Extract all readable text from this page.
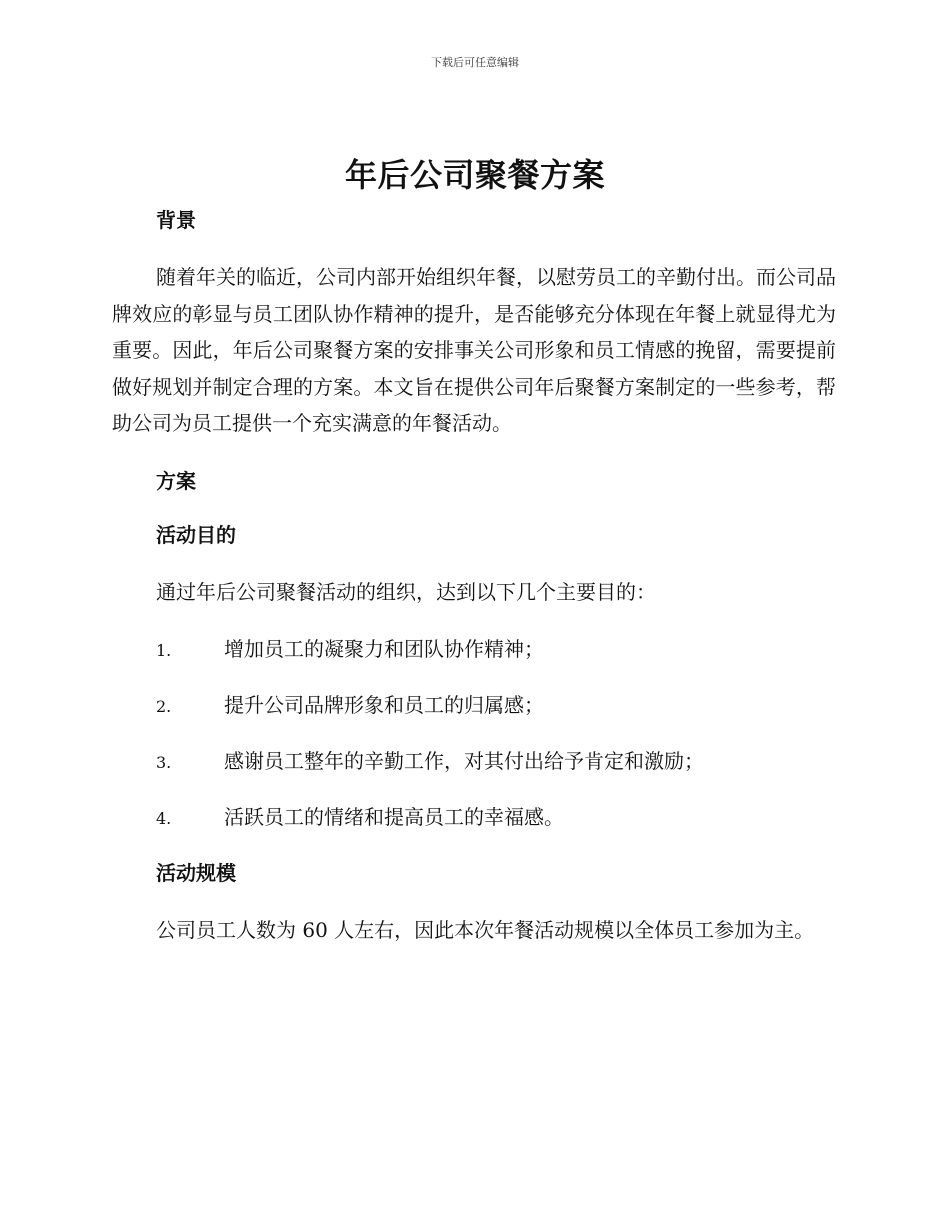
下载后可任意编辑
年后公司聚餐方案

背景

随着年关的临近，公司内部开始组织年餐，以慰劳员工的辛勤付出。而公司品牌效应的彰显与员工团队协作精神的提升，是否能够充分体现在年餐上就显得尤为重要。因此，年后公司聚餐方案的安排事关公司形象和员工情感的挽留，需要提前做好规划并制定合理的方案。本文旨在提供公司年后聚餐方案制定的一些参考，帮助公司为员工提供一个充实满意的年餐活动。

方案

活动目的

通过年后公司聚餐活动的组织，达到以下几个主要目的：

1.	增加员工的凝聚力和团队协作精神；
2.	提升公司品牌形象和员工的归属感；
3.	感谢员工整年的辛勤工作，对其付出给予肯定和激励；
4.	活跃员工的情绪和提高员工的幸福感。

活动规模

公司员工人数为 60 人左右，因此本次年餐活动规模以全体员工参加为主。
